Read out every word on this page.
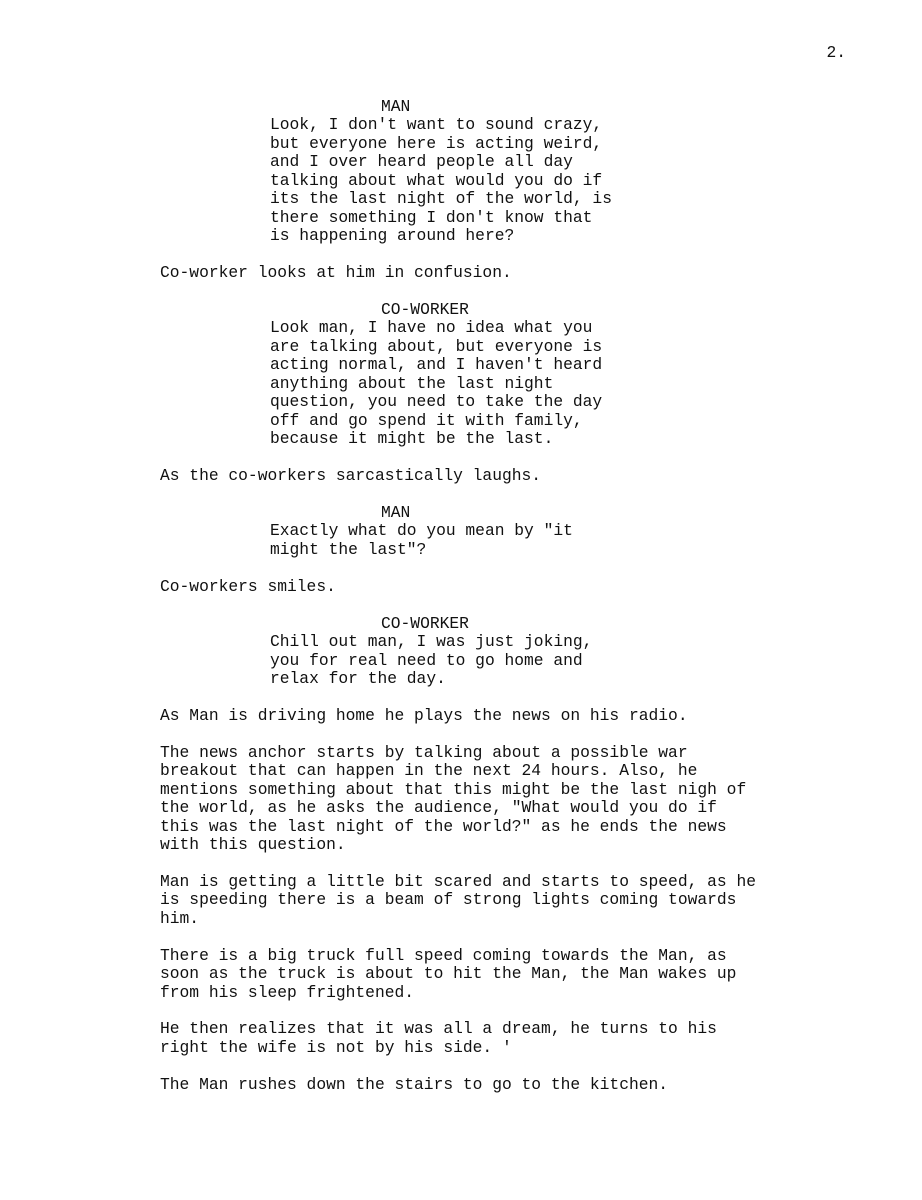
2.
MAN
Look, I don't want to sound crazy,
but everyone here is acting weird,
and I over heard people all day
talking about what would you do if
its the last night of the world, is
there something I don't know that
is happening around here?
Co-worker looks at him in confusion.
CO-WORKER
Look man, I have no idea what you
are talking about, but everyone is
acting normal, and I haven't heard
anything about the last night
question, you need to take the day
off and go spend it with family,
because it might be the last.
As the co-workers sarcastically laughs.
MAN
Exactly what do you mean by "it
might the last"?
Co-workers smiles.
CO-WORKER
Chill out man, I was just joking,
you for real need to go home and
relax for the day.
As Man is driving home he plays the news on his radio.
The news anchor starts by talking about a possible war
breakout that can happen in the next 24 hours. Also, he
mentions something about that this might be the last nigh of
the world, as he asks the audience, "What would you do if
this was the last night of the world?" as he ends the news
with this question.
Man is getting a little bit scared and starts to speed, as he
is speeding there is a beam of strong lights coming towards
him.
There is a big truck full speed coming towards the Man, as
soon as the truck is about to hit the Man, the Man wakes up
from his sleep frightened.
He then realizes that it was all a dream, he turns to his
right the wife is not by his side. '
The Man rushes down the stairs to go to the kitchen.
